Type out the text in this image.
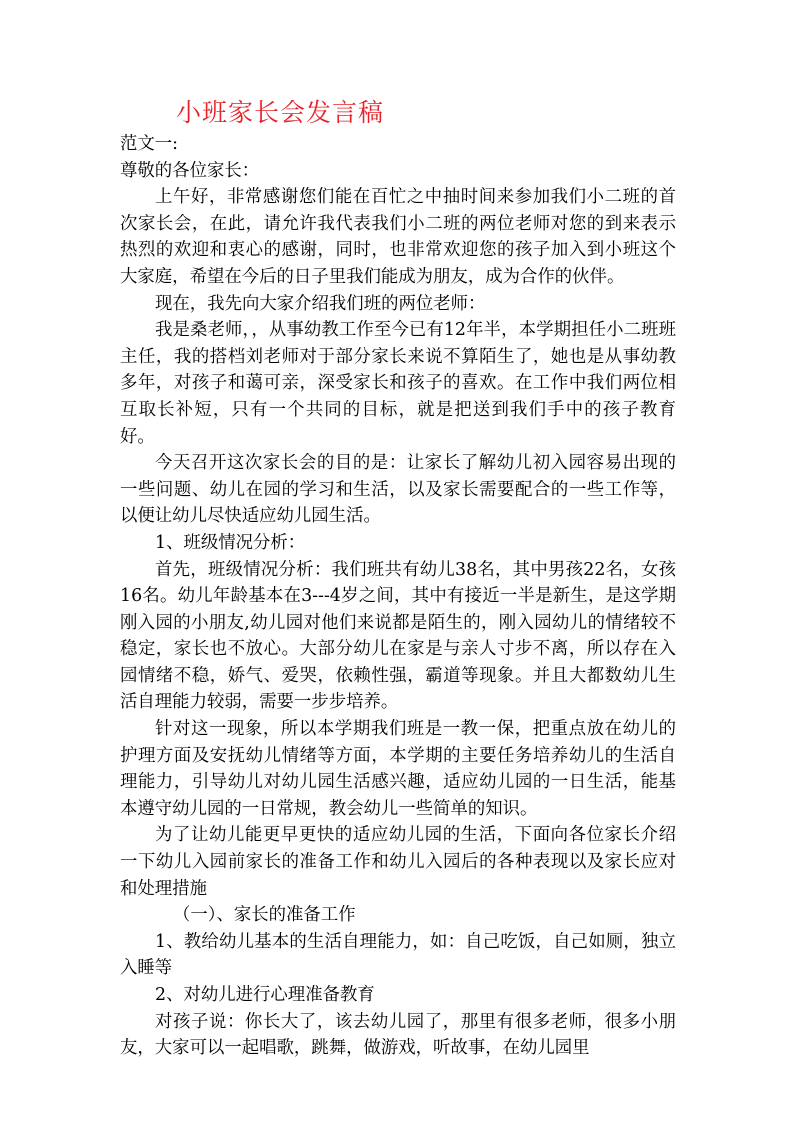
小班家长会发言稿

范文一:

尊敬的各位家长：

上午好，非常感谢您们能在百忙之中抽时间来参加我们小二班的首次家长会，在此，请允许我代表我们小二班的两位老师对您的到来表示热烈的欢迎和衷心的感谢，同时，也非常欢迎您的孩子加入到小班这个大家庭，希望在今后的日子里我们能成为朋友，成为合作的伙伴。

现在，我先向大家介绍我们班的两位老师：

我是桑老师，，从事幼教工作至今已有12年半，本学期担任小二班班主任，我的搭档刘老师对于部分家长来说不算陌生了，她也是从事幼教多年，对孩子和蔼可亲，深受家长和孩子的喜欢。在工作中我们两位相互取长补短，只有一个共同的目标，就是把送到我们手中的孩子教育好。

今天召开这次家长会的目的是：让家长了解幼儿初入园容易出现的一些问题、幼儿在园的学习和生活，以及家长需要配合的一些工作等，以便让幼儿尽快适应幼儿园生活。

1、班级情况分析：

首先，班级情况分析：我们班共有幼儿38名，其中男孩22名，女孩16名。幼儿年龄基本在3---4岁之间，其中有接近一半是新生，是这学期刚入园的小朋友,幼儿园对他们来说都是陌生的，刚入园幼儿的情绪较不稳定，家长也不放心。大部分幼儿在家是与亲人寸步不离，所以存在入园情绪不稳，娇气、爱哭，依赖性强，霸道等现象。并且大都数幼儿生活自理能力较弱，需要一步步培养。

针对这一现象，所以本学期我们班是一教一保，把重点放在幼儿的护理方面及安抚幼儿情绪等方面，本学期的主要任务培养幼儿的生活自理能力，引导幼儿对幼儿园生活感兴趣，适应幼儿园的一日生活，能基本遵守幼儿园的一日常规，教会幼儿一些简单的知识。

为了让幼儿能更早更快的适应幼儿园的生活，下面向各位家长介绍一下幼儿入园前家长的准备工作和幼儿入园后的各种表现以及家长应对和处理措施

（一）、家长的准备工作

1、教给幼儿基本的生活自理能力，如：自己吃饭，自己如厕，独立入睡等

2、对幼儿进行心理准备教育

对孩子说：你长大了，该去幼儿园了，那里有很多老师，很多小朋友，大家可以一起唱歌，跳舞，做游戏，听故事，在幼儿园里
